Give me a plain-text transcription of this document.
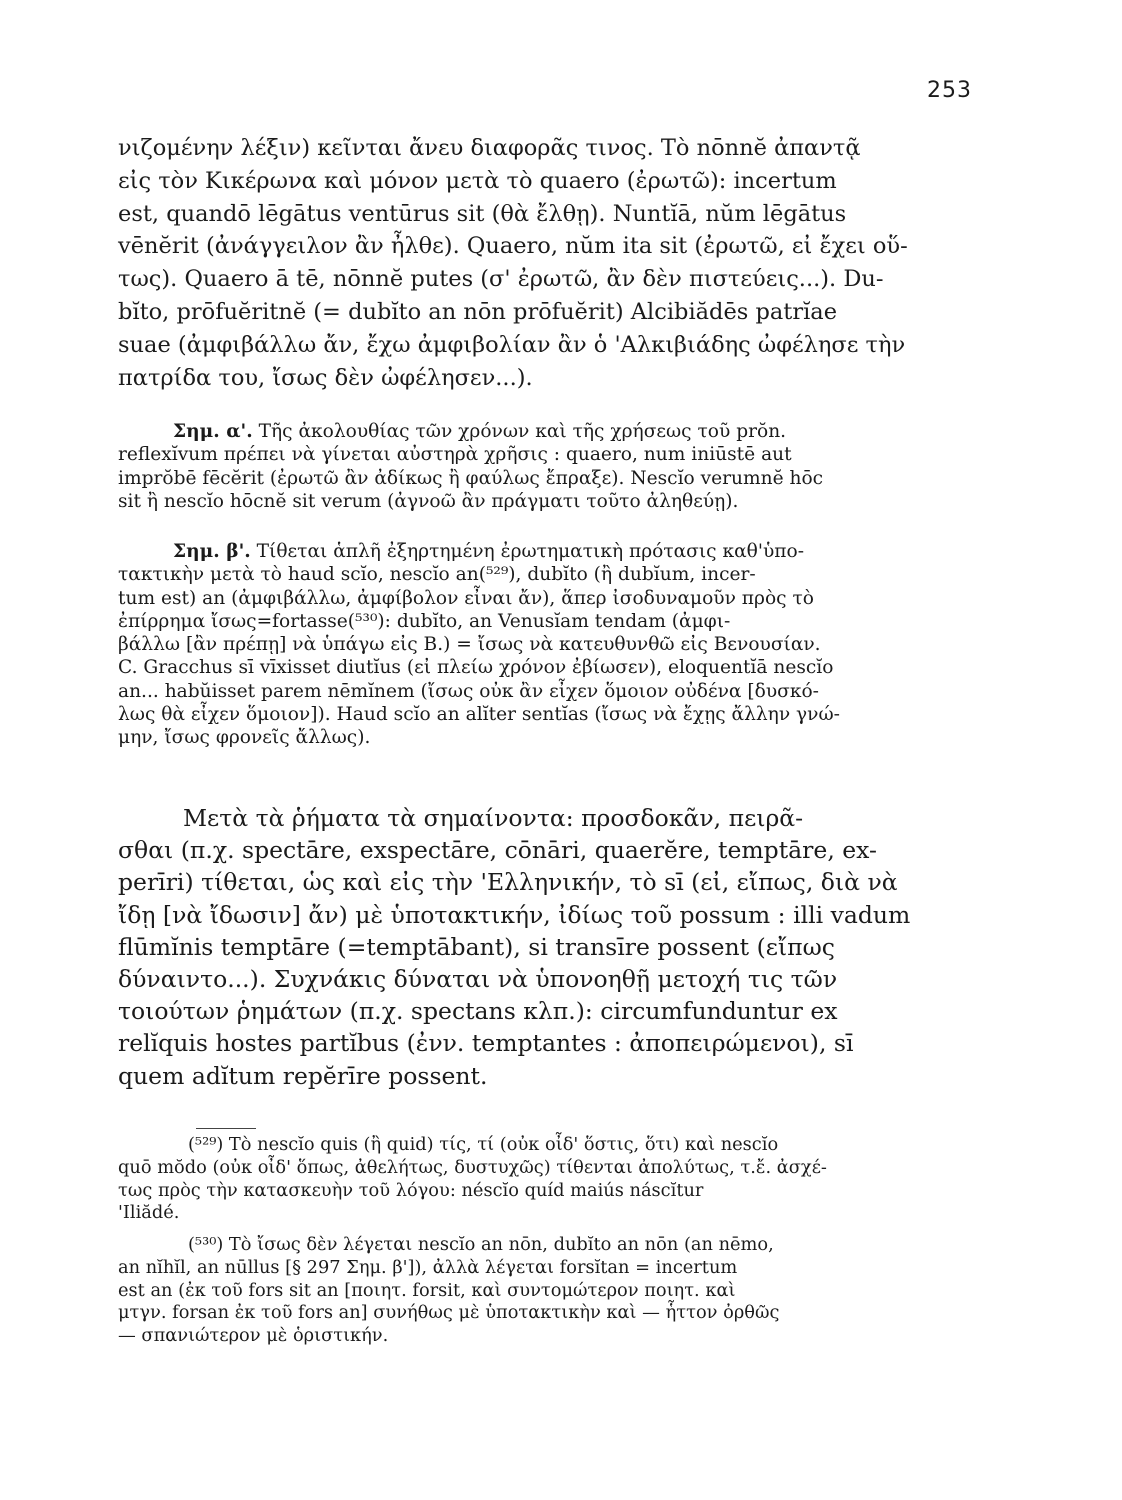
253
νιζομένην λέξιν) κεῖνται ἄνευ διαφορᾶς τινος. Τὸ nōnnĕ ἀπαντᾷ
εἰς τὸν Κικέρωνα καὶ μόνον μετὰ τὸ quaero (ἐρωτῶ): incertum
est, quandō lēgātus ventūrus sit (θὰ ἔλθῃ). Nuntĭā, nŭm lēgātus
vēnĕrit (ἀνάγγειλον ἂν ἦλθε). Quaero, nŭm ita sit (ἐρωτῶ, εἰ ἔχει οὕ-
τως). Quaero ā tē, nōnnĕ putes (σ' ἐρωτῶ, ἂν δὲν πιστεύεις...). Du-
bĭto, prōfuĕritnĕ (= dubĭto an nōn prōfuĕrit) Alcibiădēs patrĭae
suae (ἀμφιβάλλω ἄν, ἔχω ἀμφιβολίαν ἂν ὁ 'Αλκιβιάδης ὠφέλησε τὴν
πατρίδα του, ἴσως δὲν ὠφέλησεν...).
Σημ. α'. Τῆς ἀκολουθίας τῶν χρόνων καὶ τῆς χρήσεως τοῦ prŏn.
reflexĭvum πρέπει νὰ γίνεται αὐστηρὰ χρῆσις : quaero, num iniūstē aut
imprŏbē fēcĕrit (ἐρωτῶ ἂν ἀδίκως ἢ φαύλως ἔπραξε). Nescĭo verumnĕ hōc
sit ἢ nescĭo hōcnĕ sit verum (ἀγνοῶ ἂν πράγματι τοῦτο ἀληθεύῃ).
Σημ. β'. Τίθεται ἁπλῆ ἐξηρτημένη ἐρωτηματικὴ πρότασις καθ'ὑπο-
τακτικὴν μετὰ τὸ haud scĭo, nescĭo an(⁵²⁹), dubĭto (ἢ dubĭum, incer-
tum est) an (ἀμφιβάλλω, ἀμφίβολον εἶναι ἄν), ἅπερ ἰσοδυναμοῦν πρὸς τὸ
ἐπίρρημα ἴσως=fortasse(⁵³⁰): dubĭto, an Venusĭam tendam (ἀμφι-
βάλλω [ἂν πρέπῃ] νὰ ὑπάγω εἰς Β.) = ἴσως νὰ κατευθυνθῶ εἰς Βενουσίαν.
C. Gracchus sī vīxisset diutĭus (εἰ πλείω χρόνον ἐβίωσεν), eloquentĭā nescĭo
an... habŭisset parem nēmĭnem (ἴσως οὐκ ἂν εἶχεν ὅμοιον οὐδένα [δυσκό-
λως θὰ εἶχεν ὅμοιον]). Haud scĭo an alĭter sentĭas (ἴσως νὰ ἔχῃς ἄλλην γνώ-
μην, ἴσως φρονεῖς ἄλλως).
Μετὰ τὰ ῥήματα τὰ σημαίνοντα: προσδοκᾶν, πειρᾶ-
σθαι (π.χ. spectāre, exspectāre, cōnāri, quaerĕre, temptāre, ex-
perīri) τίθεται, ὡς καὶ εἰς τὴν 'Ελληνικήν, τὸ sī (εἰ, εἴπως, διὰ νὰ
ἴδῃ [νὰ ἴδωσιν] ἄν) μὲ ὑποτακτικήν, ἰδίως τοῦ possum : illi vadum
flūmĭnis temptāre (=temptābant), si transīre possent (εἴπως
δύναιντο...). Συχνάκις δύναται νὰ ὑπονοηθῇ μετοχή τις τῶν
τοιούτων ῥημάτων (π.χ. spectans κλπ.): circumfunduntur ex
relĭquis hostes partĭbus (ἐνν. temptantes : ἀποπειρώμενοι), sī
quem adĭtum repĕrīre possent.
(⁵²⁹) Τὸ nescĭo quis (ἢ quid) τίς, τί (οὐκ οἶδ' ὅστις, ὅτι) καὶ nescĭo
quō mŏdo (οὐκ οἶδ' ὅπως, ἀθελήτως, δυστυχῶς) τίθενται ἀπολύτως, τ.ἔ. ἀσχέ-
τως πρὸς τὴν κατασκευὴν τοῦ λόγου: néscĭo quíd maiús náscĭtur
'Iliădé.
(⁵³⁰) Τὸ ἴσως δὲν λέγεται nescĭo an nōn, dubĭto an nōn (an nēmo,
an nĭhĭl, an nūllus [§ 297 Σημ. β']), ἀλλὰ λέγεται forsĭtan = incertum
est an (ἐκ τοῦ fors sit an [ποιητ. forsit, καὶ συντομώτερον ποιητ. καὶ
μτγν. forsan ἐκ τοῦ fors an] συνήθως μὲ ὑποτακτικὴν καὶ — ἧττον ὀρθῶς
— σπανιώτερον μὲ ὁριστικήν.
